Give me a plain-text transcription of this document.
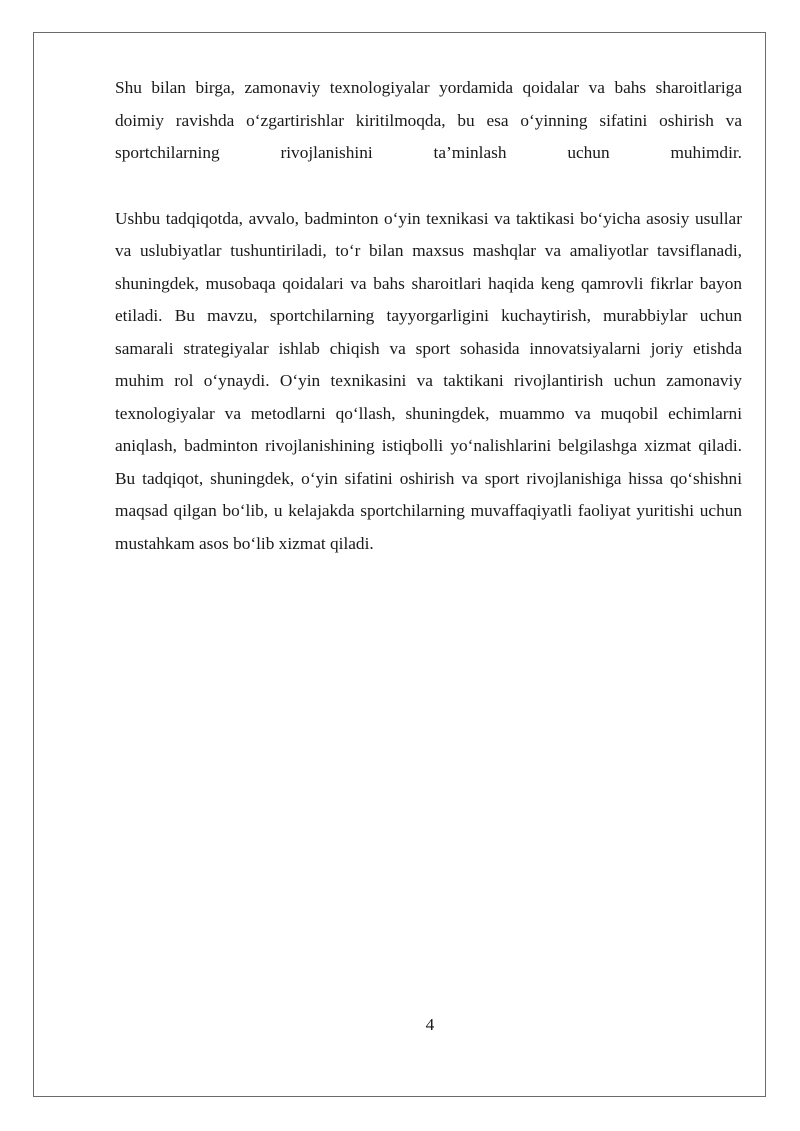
Shu bilan birga, zamonaviy texnologiyalar yordamida qoidalar va bahs sharoitlariga doimiy ravishda o‘zgartirishlar kiritilmoqda, bu esa o‘yinning sifatini oshirish va sportchilarning rivojlanishini ta’minlash uchun muhimdir.

Ushbu tadqiqotda, avvalo, badminton o‘yin texnikasi va taktikasi bo‘yicha asosiy usullar va uslubiyatlar tushuntiriladi, to‘r bilan maxsus mashqlar va amaliyotlar tavsiflanadi, shuningdek, musobaqa qoidalari va bahs sharoitlari haqida keng qamrovli fikrlar bayon etiladi. Bu mavzu, sportchilarning tayyorgarligini kuchaytirish, murabbiylar uchun samarali strategiyalar ishlab chiqish va sport sohasida innovatsiyalarni joriy etishda muhim rol o‘ynaydi. O‘yin texnikasini va taktikani rivojlantirish uchun zamonaviy texnologiyalar va metodlarni qo‘llash, shuningdek, muammo va muqobil echimlarni aniqlash, badminton rivojlanishining istiqbolli yo‘nalishlarini belgilashga xizmat qiladi. Bu tadqiqot, shuningdek, o‘yin sifatini oshirish va sport rivojlanishiga hissa qo‘shishni maqsad qilgan bo‘lib, u kelajakda sportchilarning muvaffaqiyatli faoliyat yuritishi uchun mustahkam asos bo‘lib xizmat qiladi.

4
